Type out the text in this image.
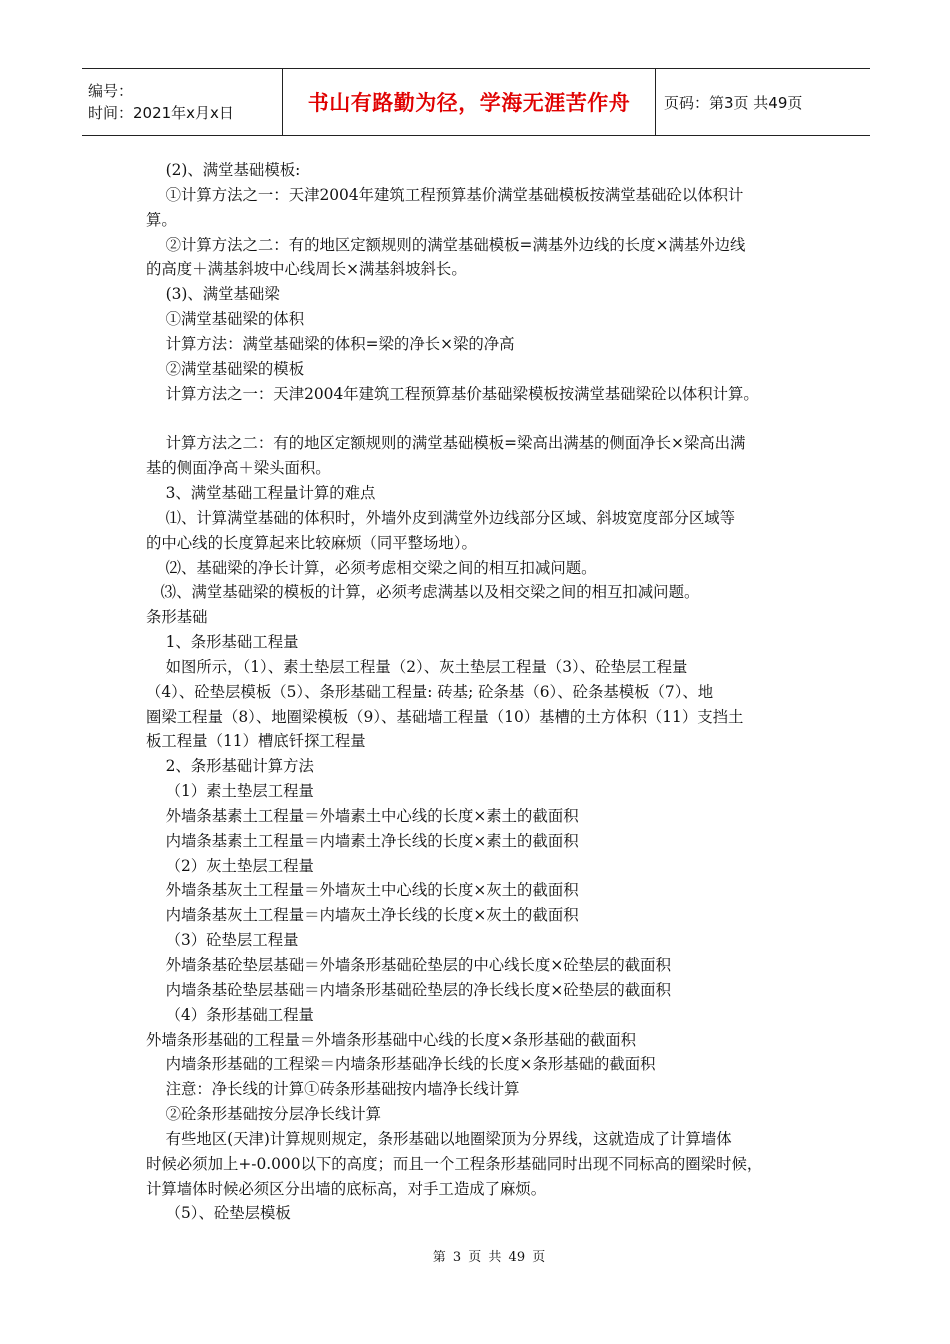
编号：
时间：2021年x月x日	书山有路勤为径，学海无涯苦作舟	页码：第3页 共49页
(2)、满堂基础模板:
①计算方法之一：天津2004年建筑工程预算基价满堂基础模板按满堂基础砼以体积计
算。
②计算方法之二：有的地区定额规则的满堂基础模板=满基外边线的长度×满基外边线
的高度＋满基斜坡中心线周长×满基斜坡斜长。
(3)、满堂基础梁
①满堂基础梁的体积
计算方法：满堂基础梁的体积=梁的净长×梁的净高
②满堂基础梁的模板
计算方法之一：天津2004年建筑工程预算基价基础梁模板按满堂基础梁砼以体积计算。
计算方法之二：有的地区定额规则的满堂基础模板=梁高出满基的侧面净长×梁高出满
基的侧面净高＋梁头面积。
3、满堂基础工程量计算的难点
⑴、计算满堂基础的体积时，外墙外皮到满堂外边线部分区域、斜坡宽度部分区域等
的中心线的长度算起来比较麻烦（同平整场地）。
⑵、基础梁的净长计算，必须考虑相交梁之间的相互扣减问题。
⑶、满堂基础梁的模板的计算，必须考虑满基以及相交梁之间的相互扣减问题。
条形基础
1、条形基础工程量
如图所示，（1）、素土垫层工程量（2）、灰土垫层工程量（3）、砼垫层工程量
（4）、砼垫层模板（5）、条形基础工程量: 砖基; 砼条基（6）、砼条基模板（7）、地
圈梁工程量（8）、地圈梁模板（9）、基础墙工程量（10）基槽的土方体积（11）支挡土
板工程量（11）槽底钎探工程量
2、条形基础计算方法
（1）素土垫层工程量
外墙条基素土工程量＝外墙素土中心线的长度×素土的截面积
内墙条基素土工程量＝内墙素土净长线的长度×素土的截面积
（2）灰土垫层工程量
外墙条基灰土工程量＝外墙灰土中心线的长度×灰土的截面积
内墙条基灰土工程量＝内墙灰土净长线的长度×灰土的截面积
（3）砼垫层工程量
外墙条基砼垫层基础＝外墙条形基础砼垫层的中心线长度×砼垫层的截面积
内墙条基砼垫层基础＝内墙条形基础砼垫层的净长线长度×砼垫层的截面积
（4）条形基础工程量
外墙条形基础的工程量＝外墙条形基础中心线的长度×条形基础的截面积
内墙条形基础的工程梁＝内墙条形基础净长线的长度×条形基础的截面积
注意：净长线的计算①砖条形基础按内墙净长线计算
②砼条形基础按分层净长线计算
有些地区(天津)计算规则规定，条形基础以地圈梁顶为分界线，这就造成了计算墙体
时候必须加上+-0.000以下的高度；而且一个工程条形基础同时出现不同标高的圈梁时候，
计算墙体时候必须区分出墙的底标高，对手工造成了麻烦。
（5）、砼垫层模板
第 3 页 共 49 页
